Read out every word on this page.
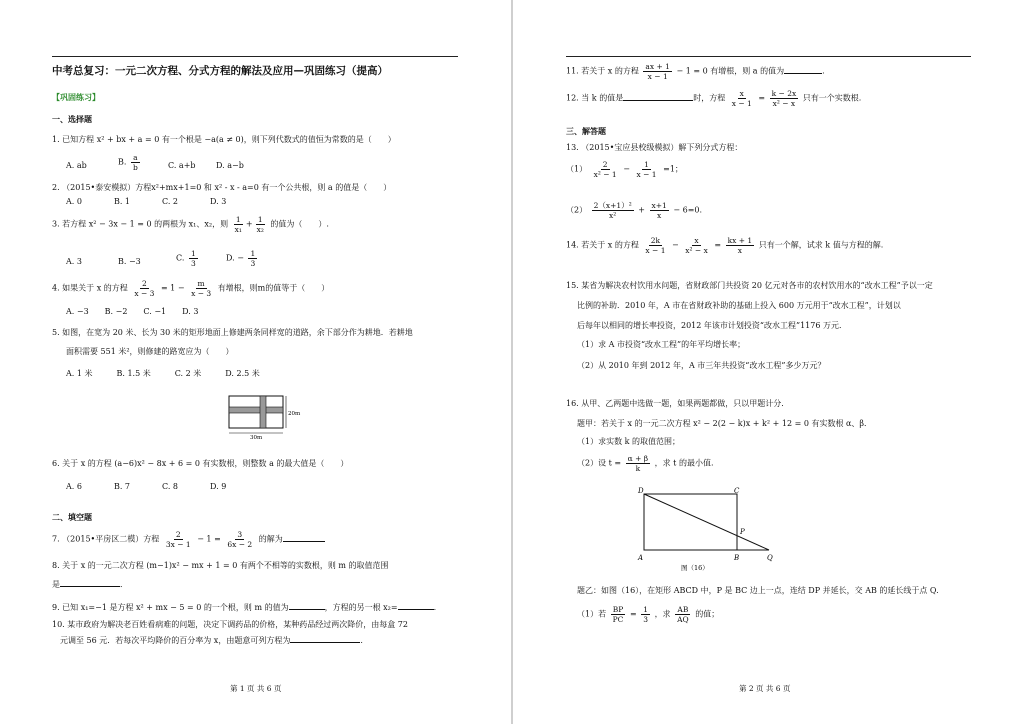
中考总复习：一元二次方程、分式方程的解法及应用—巩固练习（提高）
【巩固练习】
一、选择题
1. 已知方程 x² + bx + a = 0 有一个根是 −a(a ≠ 0)，则下列代数式的值恒为常数的是（　　）
A. ab	B. $\frac{a}{b}$	C. a+b	D. a−b
2. （2015•泰安模拟）方程x²+mx+1=0 和 x² - x - a=0 有一个公共根，则 a 的值是（　　）
A. 0　　　　B. 1　　　　C. 2　　　　D. 3
3. 若方程 x² − 3x − 1 = 0 的两根为 x₁、x₂，则 $\frac{1}{\text{x₁}} + \frac{1}{\text{x₂}}$ 的值为（　　）.
A. 3	B. −3	C. $\frac{1}{3}$	D. − $\frac{1}{3}$
4. 如果关于 x 的方程 $\frac{2}{x - 3} = 1 - \frac{m}{x - 3}$ 有增根，则m的值等于（　　）
A. −3　　B. −2　　C. −1　　D. 3
5. 如图，在宽为 20 米、长为 30 米的矩形地面上修建两条同样宽的道路，余下部分作为耕地．若耕地
面积需要 551 米²，则修建的路宽应为（　　）
A. 1 米　　　B. 1.5 米　　　C. 2 米　　　D. 2.5 米
20m
30m
6. 关于 x 的方程 (a−6)x² − 8x + 6 = 0 有实数根，则整数 a 的最大值是（　　）
A. 6　　　　B. 7　　　　C. 8　　　　D. 9
二、填空题
7. （2015•平房区二模）方程 $\frac{2}{3x - 1} - 1 = \frac{3}{6x - 2}$ 的解为
8. 关于 x 的一元二次方程 (m−1)x² − mx + 1 = 0 有两个不相等的实数根，则 m 的取值范围
是	．
9. 已知 x₁=−1 是方程 x² + mx − 5 = 0 的一个根，则 m 的值为	，方程的另一根 x₂=	.
10. 某市政府为解决老百姓看病难的问题，决定下调药品的价格，某种药品经过两次降价，由每盒 72
元调至 56 元．若每次平均降价的百分率为 x，由题意可列方程为	.
第 1 页 共 6 页
11. 若关于 x 的方程 $\frac{ax + 1}{x - 1} - 1 = 0$ 有增根，则 a 的值为	.
12. 当 k 的值是	时，方程 $\frac{x}{x - 1} = \frac{k - 2x}{\text{x² − x}}$ 只有一个实数根.
三、解答题
13. （2015•宝应县校级模拟）解下列分式方程：
$(1) \frac{2}{\text{x² − 1}} - \frac{1}{x - 1} =1$；
$(2) \frac{\text{2（x+1）²}}{\text{x²}} + \frac{x+1}{x} - 6=0$.
14. 若关于 x 的方程 $\frac{2k}{x - 1} - \frac{x}{\text{x² − x}} = \frac{kx + 1}{x}$ 只有一个解，试求 k 值与方程的解.
15. 某省为解决农村饮用水问题，省财政部门共投资 20 亿元对各市的农村饮用水的“改水工程”予以一定
比例的补助．2010 年，A 市在省财政补助的基础上投入 600 万元用于“改水工程”，计划以
后每年以相同的增长率投资，2012 年该市计划投资“改水工程”1176 万元．
（1）求 A 市投资“改水工程”的年平均增长率；
（2）从 2010 年到 2012 年，A 市三年共投资“改水工程”多少万元？
16. 从甲、乙两题中选做一题，如果两题都做，只以甲题计分．
题甲：若关于 x 的一元二次方程 x² − 2(2 − k)x + k² + 12 = 0 有实数根 α、β．
（1）求实数 k 的取值范围；
（2）设 $t = \frac{\alpha + \beta}{k}$ ，求 t 的最小值.
D	C
P
A	B	Q
图（16）
题乙：如图（16），在矩形 ABCD 中，P 是 BC 边上一点，连结 DP 并延长，交 AB 的延长线于点 Q.
（1）若 $\frac{BP}{PC} = \frac{1}{3}$ ，求 $\frac{AB}{AQ}$ 的值；
第 2 页 共 6 页
